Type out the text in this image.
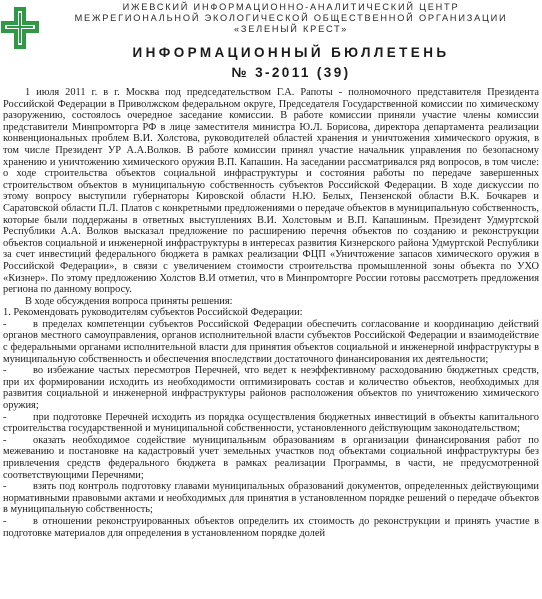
ИЖЕВСКИЙ ИНФОРМАЦИОННО-АНАЛИТИЧЕСКИЙ ЦЕНТР
МЕЖРЕГИОНАЛЬНОЙ ЭКОЛОГИЧЕСКОЙ ОБЩЕСТВЕННОЙ ОРГАНИЗАЦИИ
«ЗЕЛЕНЫЙ КРЕСТ»
ИНФОРМАЦИОННЫЙ БЮЛЛЕТЕНЬ
№ 3-2011 (39)

1 июля 2011 г. в г. Москва под председательством Г.А. Рапоты - полномочного представителя Президента Российской Федерации в Приволжском федеральном округе, Председателя Государственной комиссии по химическому разоружению, состоялось очередное заседание комиссии. В работе комиссии приняли участие члены комиссии представители Минпромторга РФ в лице заместителя министра Ю.Л. Борисова, директора департамента реализации конвенциональных проблем В.И. Холстова, руководителей областей хранения и уничтожения химического оружия, в том числе Президент УР А.А.Волков. В работе комиссии принял участие начальник управления по безопасному хранению и уничтожению химического оружия В.П. Капашин. На заседании рассматривался ряд вопросов, в том числе: о ходе строительства объектов социальной инфраструктуры и состояния работы по передаче завершенных строительством объектов в муниципальную собственность субъектов Российской Федерации. В ходе дискуссии по этому вопросу выступили губернаторы Кировской области Н.Ю. Белых, Пензенской области В.К. Бочкарев и Саратовской области П.Л. Платов с конкретными предложениями о передаче объектов в муниципальную собственность, которые были поддержаны в ответных выступлениях В.И. Холстовым и В.П. Капашиным. Президент Удмуртской Республики А.А. Волков высказал предложение по расширению перечня объектов по созданию и реконструкции объектов социальной и инженерной инфраструктуры в интересах развития Кизнерского района Удмуртской Республики за счет инвестиций федерального бюджета в рамках реализации ФЦП «Уничтожение запасов химического оружия в Российской Федерации», в связи с увеличением стоимости строительства промышленной зоны объекта по УХО «Кизнер». По этому предложению Холстов В.И отметил, что в Минпромторге России готовы рассмотреть предложения региона по данному вопросу.

В ходе обсуждения вопроса приняты решения:

1. Рекомендовать руководителям субъектов Российской Федерации:

-	в пределах компетенции субъектов Российской Федерации обеспечить согласование и координацию действий органов местного самоуправления, органов исполнительной власти субъектов Российской Федерации и взаимодействие с федеральными органами исполнительной власти для принятия объектов социальной и инженерной инфраструктуры в муниципальную собственность и обеспечения впоследствии достаточного финансирования их деятельности;

-	во избежание частых пересмотров Перечней, что ведет к неэффективному расходованию бюджетных средств, при их формировании исходить из необходимости оптимизировать состав и количество объектов, необходимых для развития социальной и инженерной инфраструктуры районов расположения объектов по уничтожению химического оружия;

-	при подготовке Перечней исходить из порядка осуществления бюджетных инвестиций в объекты капитального строительства государственной и муниципальной собственности, установленного действующим законодательством;

-	оказать необходимое содействие муниципальным образованиям в организации финансирования работ по межеванию и постановке на кадастровый учет земельных участков под объектами социальной инфраструктуры без привлечения средств федерального бюджета в рамках реализации Программы, в части, не предусмотренной соответствующими Перечнями;

-	взять под контроль подготовку главами муниципальных образований документов, определенных действующими нормативными правовыми актами и необходимых для принятия в установленном порядке решений о передаче объектов в муниципальную собственность;

-	в отношении реконструированных объектов определить их стоимость до реконструкции и принять участие в подготовке материалов для определения в установленном порядке долей
